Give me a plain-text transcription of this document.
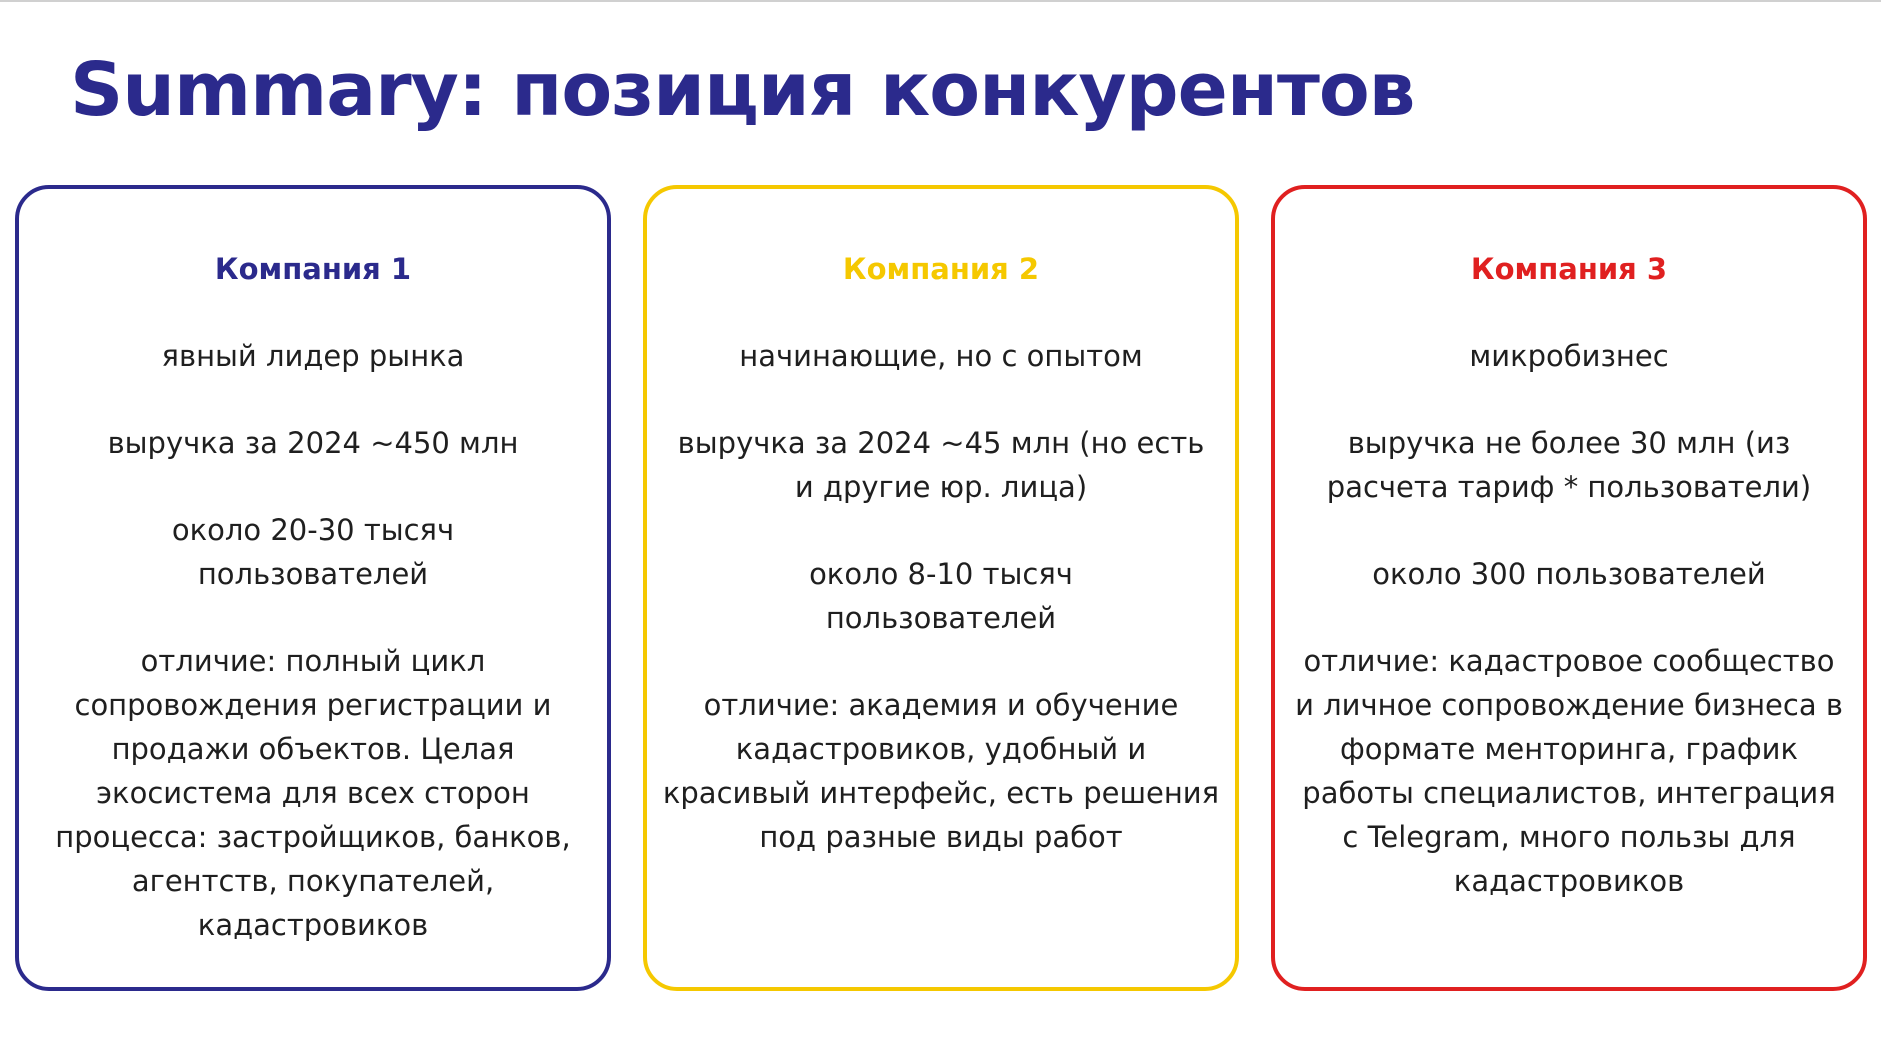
Summary: позиция конкурентов
Компания 1
явный лидер рынка
выручка за 2024 ~450 млн
около 20-30 тысяч пользователей
отличие: полный цикл сопровождения регистрации и продажи объектов. Целая экосистема для всех сторон процесса: застройщиков, банков, агентств, покупателей, кадастровиков
Компания 2
начинающие, но с опытом
выручка за 2024 ~45 млн (но есть и другие юр. лица)
около 8-10 тысяч пользователей
отличие: академия и обучение кадастровиков, удобный и красивый интерфейс, есть решения под разные виды работ
Компания 3
микробизнес
выручка не более 30 млн (из расчета тариф * пользователи)
около 300 пользователей
отличие: кадастровое сообщество и личное сопровождение бизнеса в формате менторинга, график работы специалистов, интеграция с Telegram, много пользы для кадастровиков
